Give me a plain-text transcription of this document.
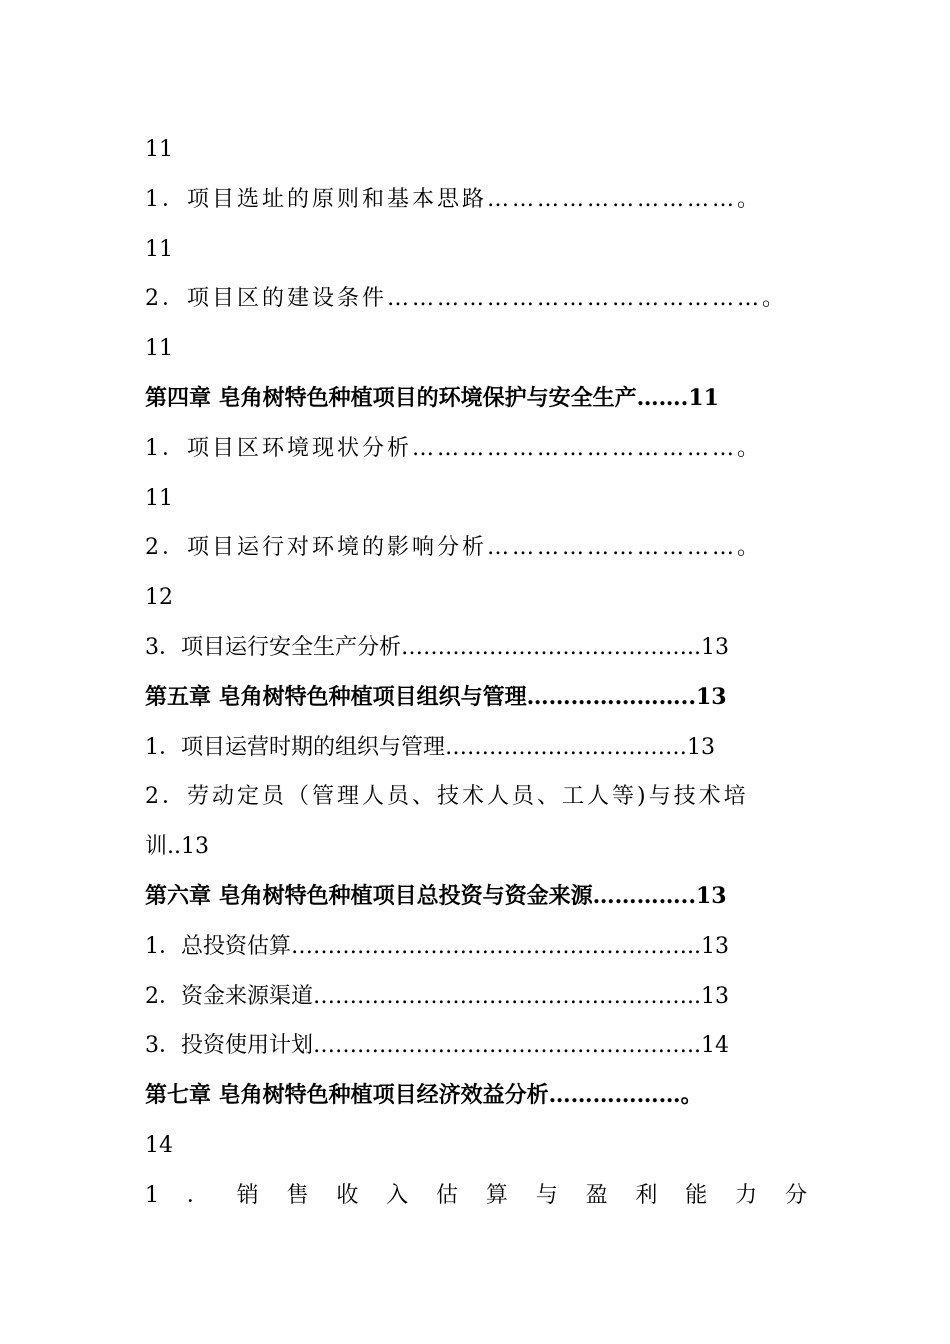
11
1．项目选址的原则和基本思路…………………………。
11
2．项目区的建设条件………………………………………。
11
第四章 皂角树特色种植项目的环境保护与安全生产…….11
1．项目区环境现状分析…………………………………。
11
2．项目运行对环境的影响分析…………………………。
12
3．项目运行安全生产分析…………………………………..13
第五章 皂角树特色种植项目组织与管理…………………..13
1．项目运营时期的组织与管理……………………………13
2．劳动定员（管理人员、技术人员、工人等)与技术培
训..13
第六章 皂角树特色种植项目总投资与资金来源…………..13
1．总投资估算………………………………………………..13
2．资金来源渠道……………………………………………..13
3．投资使用计划……………………………………………..14
第七章 皂角树特色种植项目经济效益分析………………。
14
1 ． 销 售 收 入 估 算 与 盈 利 能 力 分
